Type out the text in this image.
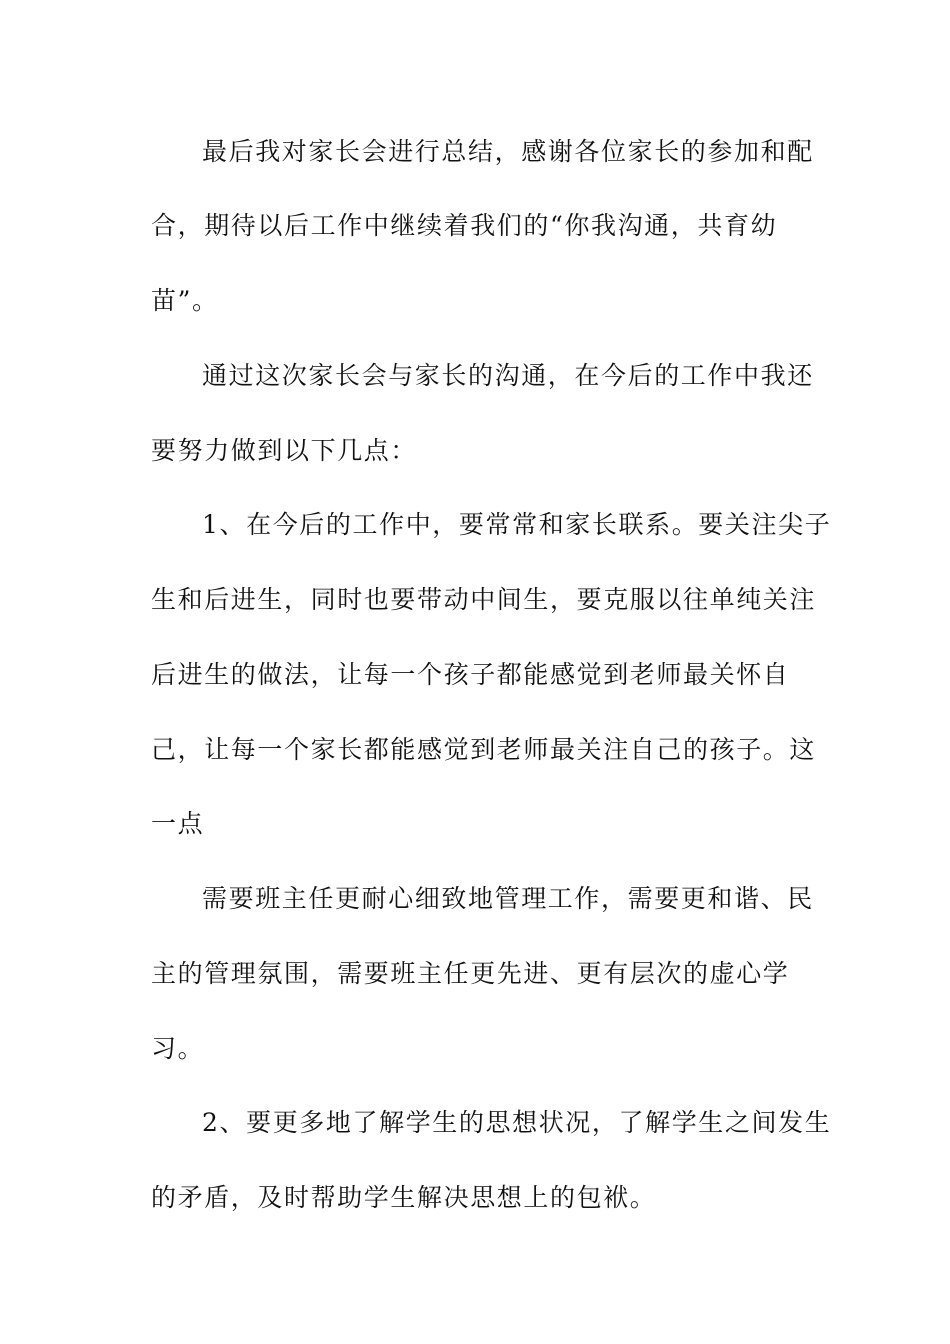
最后我对家长会进行总结，感谢各位家长的参加和配

合，期待以后工作中继续着我们的“你我沟通，共育幼

苗”。

通过这次家长会与家长的沟通，在今后的工作中我还

要努力做到以下几点：

1、在今后的工作中，要常常和家长联系。要关注尖子

生和后进生，同时也要带动中间生，要克服以往单纯关注

后进生的做法，让每一个孩子都能感觉到老师最关怀自

己，让每一个家长都能感觉到老师最关注自己的孩子。这

一点

需要班主任更耐心细致地管理工作，需要更和谐、民

主的管理氛围，需要班主任更先进、更有层次的虚心学

习。

2、要更多地了解学生的思想状况，了解学生之间发生

的矛盾，及时帮助学生解决思想上的包袱。
